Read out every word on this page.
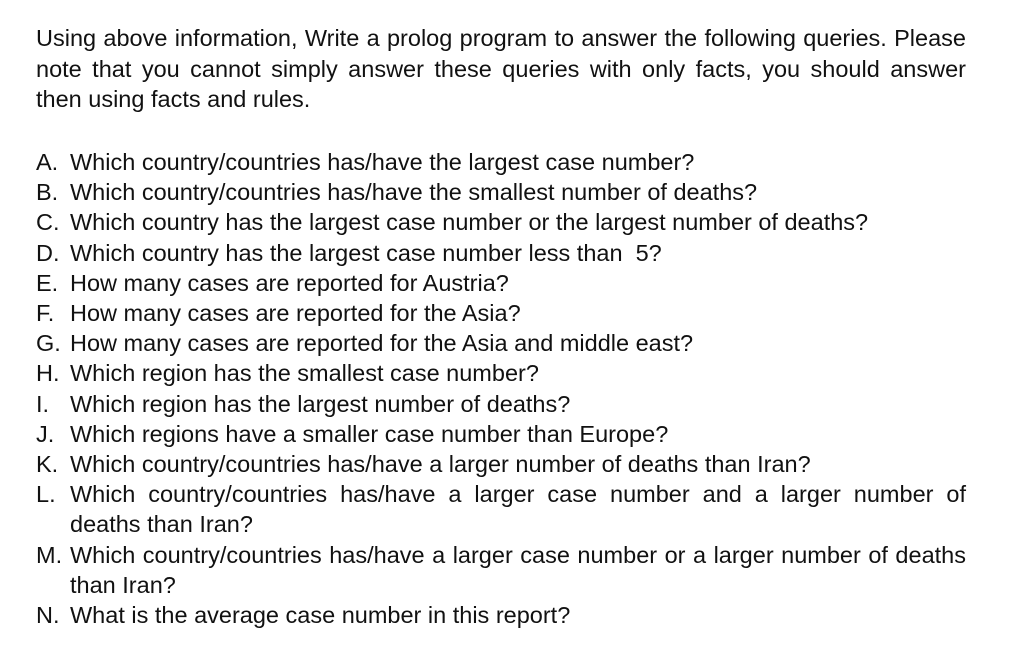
Using above information, Write a prolog program to answer the following queries. Please note that you cannot simply answer these queries with only facts, you should answer then using facts and rules.

A. Which country/countries has/have the largest case number?
B. Which country/countries has/have the smallest number of deaths?
C. Which country has the largest case number or the largest number of deaths?
D. Which country has the largest case number less than  5?
E. How many cases are reported for Austria?
F. How many cases are reported for the Asia?
G. How many cases are reported for the Asia and middle east?
H. Which region has the smallest case number?
I. Which region has the largest number of deaths?
J. Which regions have a smaller case number than Europe?
K. Which country/countries has/have a larger number of deaths than Iran?
L. Which country/countries has/have a larger case number and a larger number of deaths than Iran?
M. Which country/countries has/have a larger case number or a larger number of deaths than Iran?
N. What is the average case number in this report?
